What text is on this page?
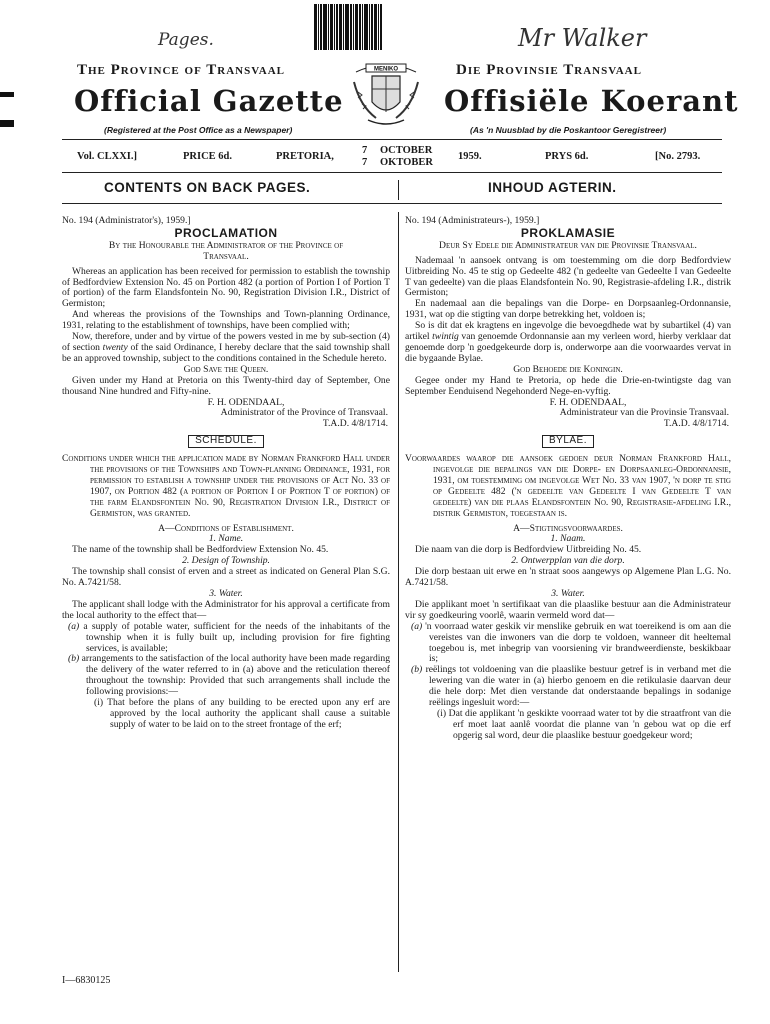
Pages.	Mr Walker
MENIKO
The Province of Transvaal	Die Provinsie Transvaal
Official Gazette	Offisiële Koerant
(Registered at the Post Office as a Newspaper)	(As 'n Nuusblad by die Poskantoor Geregistreer)
Vol. CLXXI.]	PRICE 6d.	PRETORIA,
7 OCTOBER
7 OKTOBER
1959.	PRYS 6d.	[No. 2793.
CONTENTS ON BACK PAGES.	INHOUD AGTERIN.

No. 194 (Administrator's), 1959.]

PROCLAMATION

By the Honourable the Administrator of the Province of Transvaal.

Whereas an application has been received for permission to establish the township of Bedfordview Extension No. 45 on Portion 482 (a portion of Portion I of Portion T of portion) of the farm Elandsfontein No. 90, Registration Division I.R., District of Germiston;

And whereas the provisions of the Townships and Town-planning Ordinance, 1931, relating to the establishment of townships, have been complied with;

Now, therefore, under and by virtue of the powers vested in me by sub-section (4) of section twenty of the said Ordinance, I hereby declare that the said township shall be an approved township, subject to the conditions contained in the Schedule hereto.

God Save the Queen.

Given under my Hand at Pretoria on this Twenty-third day of September, One thousand Nine hundred and Fifty-nine.

F. H. ODENDAAL,

Administrator of the Province of Transvaal.

T.A.D. 4/8/1714.

SCHEDULE.

Conditions under which the application made by Norman Frankford Hall under the provisions of the Townships and Town-planning Ordinance, 1931, for permission to establish a township under the provisions of Act No. 33 of 1907, on Portion 482 (a portion of Portion I of Portion T of portion) of the farm Elandsfontein No. 90, Registration Division I.R., District of Germiston, was granted.

A—Conditions of Establishment.

1. Name.

The name of the township shall be Bedfordview Extension No. 45.

2. Design of Township.

The township shall consist of erven and a street as indicated on General Plan S.G. No. A.7421/58.

3. Water.

The applicant shall lodge with the Administrator for his approval a certificate from the local authority to the effect that—

(a) a supply of potable water, sufficient for the needs of the inhabitants of the township when it is fully built up, including provision for fire fighting services, is available;

(b) arrangements to the satisfaction of the local authority have been made regarding the delivery of the water referred to in (a) above and the reticulation thereof throughout the township: Provided that such arrangements shall include the following provisions:—

(i) That before the plans of any building to be erected upon any erf are approved by the local authority the applicant shall cause a suitable supply of water to be laid on to the street frontage of the erf;

No. 194 (Administrateurs-), 1959.]

PROKLAMASIE

Deur Sy Edele die Administrateur van die Provinsie Transvaal.

Nademaal 'n aansoek ontvang is om toestemming om die dorp Bedfordview Uitbreiding No. 45 te stig op Gedeelte 482 ('n gedeelte van Gedeelte I van Gedeelte T van gedeelte) van die plaas Elandsfontein No. 90, Registrasie-afdeling I.R., distrik Germiston;

En nademaal aan die bepalings van die Dorpe- en Dorpsaanleg-Ordonnansie, 1931, wat op die stigting van dorpe betrekking het, voldoen is;

So is dit dat ek kragtens en ingevolge die bevoegdhede wat by subartikel (4) van artikel twintig van genoemde Ordonnansie aan my verleen word, hierby verklaar dat genoemde dorp 'n goedgekeurde dorp is, onderworpe aan die voorwaardes vervat in die bygaande Bylae.

God Behoede die Koningin.

Gegee onder my Hand te Pretoria, op hede die Drie-en-twintigste dag van September Eenduisend Negehonderd Nege-en-vyftig.

F. H. ODENDAAL,

Administrateur van die Provinsie Transvaal.

T.A.D. 4/8/1714.

BYLAE.

Voorwaardes waarop die aansoek gedoen deur Norman Frankford Hall, ingevolge die bepalings van die Dorpe- en Dorpsaanleg-Ordonnansie, 1931, om toestemming om ingevolge Wet No. 33 van 1907, 'n dorp te stig op Gedeelte 482 ('n gedeelte van Gedeelte I van Gedeelte T van gedeelte) van die plaas Elandsfontein No. 90, Registrasie-afdeling I.R., distrik Germiston, toegestaan is.

A—Stigtingsvoorwaardes.

1. Naam.

Die naam van die dorp is Bedfordview Uitbreiding No. 45.

2. Ontwerpplan van die dorp.

Die dorp bestaan uit erwe en 'n straat soos aangewys op Algemene Plan L.G. No. A.7421/58.

3. Water.

Die applikant moet 'n sertifikaat van die plaaslike bestuur aan die Administrateur vir sy goedkeuring voorlê, waarin vermeld word dat—

(a) 'n voorraad water geskik vir menslike gebruik en wat toereikend is om aan die vereistes van die inwoners van die dorp te voldoen, wanneer dit heeltemal toegebou is, met inbegrip van voorsiening vir brandweerdienste, beskikbaar is;

(b) reëlings tot voldoening van die plaaslike bestuur getref is in verband met die lewering van die water in (a) hierbo genoem en die retikulasie daarvan deur die hele dorp: Met dien verstande dat onderstaande bepalings in sodanige reëlings ingesluit word:—

(i) Dat die applikant 'n geskikte voorraad water tot by die straatfront van die erf moet laat aanlê voordat die planne van 'n gebou wat op die erf opgerig sal word, deur die plaaslike bestuur goedgekeur word;

I—6830125
